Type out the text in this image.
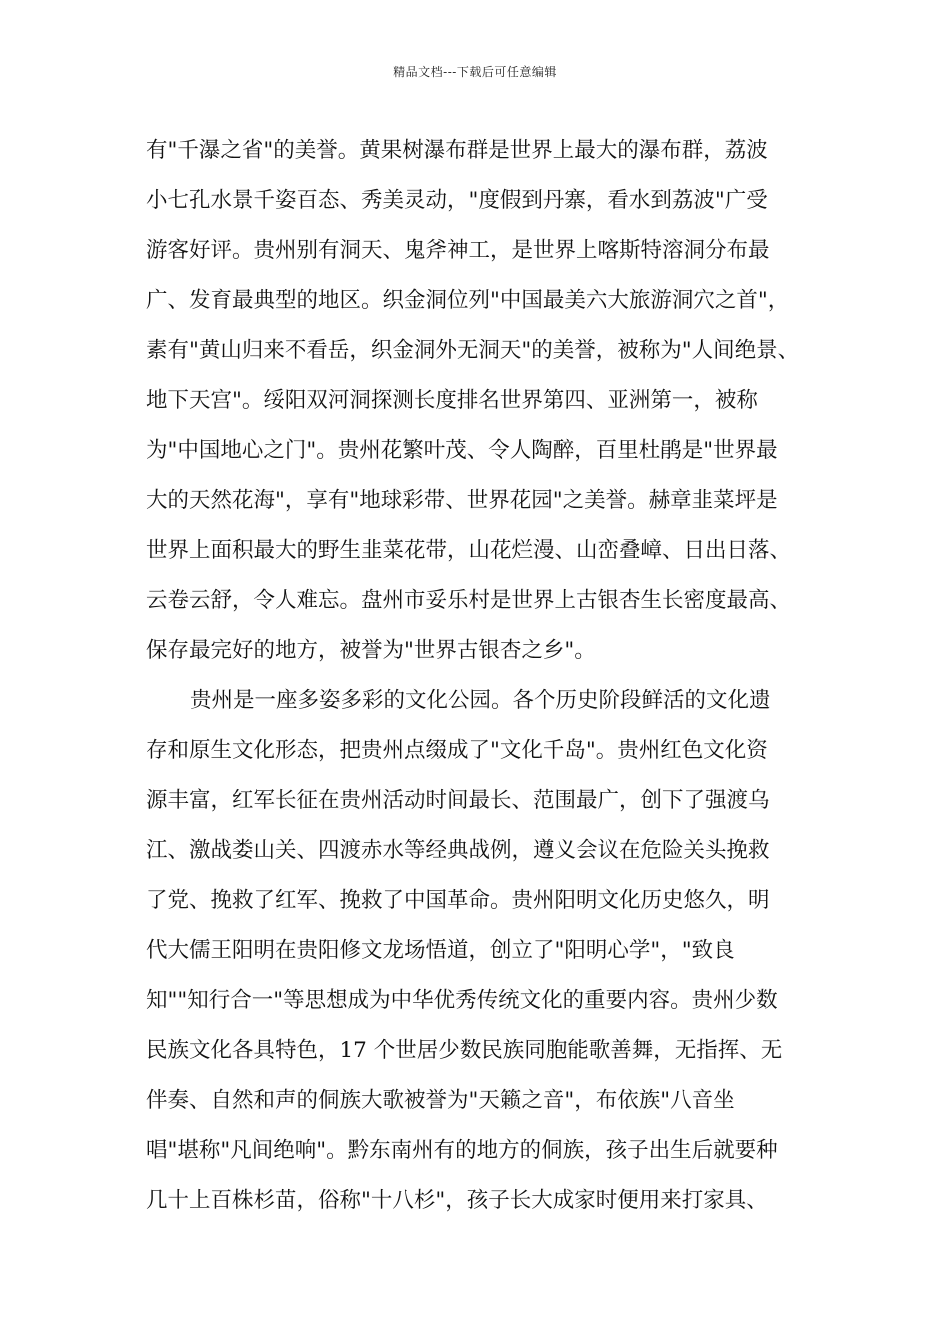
精品文档---下载后可任意编辑
有"千瀑之省"的美誉。黄果树瀑布群是世界上最大的瀑布群，荔波
小七孔水景千姿百态、秀美灵动，"度假到丹寨，看水到荔波"广受
游客好评。贵州别有洞天、鬼斧神工，是世界上喀斯特溶洞分布最
广、发育最典型的地区。织金洞位列"中国最美六大旅游洞穴之首"，
素有"黄山归来不看岳，织金洞外无洞天"的美誉，被称为"人间绝景、
地下天宫"。绥阳双河洞探测长度排名世界第四、亚洲第一，被称
为"中国地心之门"。贵州花繁叶茂、令人陶醉，百里杜鹃是"世界最
大的天然花海"，享有"地球彩带、世界花园"之美誉。赫章韭菜坪是
世界上面积最大的野生韭菜花带，山花烂漫、山峦叠嶂、日出日落、
云卷云舒，令人难忘。盘州市妥乐村是世界上古银杏生长密度最高、
保存最完好的地方，被誉为"世界古银杏之乡"。
贵州是一座多姿多彩的文化公园。各个历史阶段鲜活的文化遗
存和原生文化形态，把贵州点缀成了"文化千岛"。贵州红色文化资
源丰富，红军长征在贵州活动时间最长、范围最广，创下了强渡乌
江、激战娄山关、四渡赤水等经典战例，遵义会议在危险关头挽救
了党、挽救了红军、挽救了中国革命。贵州阳明文化历史悠久，明
代大儒王阳明在贵阳修文龙场悟道，创立了"阳明心学"，"致良
知""知行合一"等思想成为中华优秀传统文化的重要内容。贵州少数
民族文化各具特色，17 个世居少数民族同胞能歌善舞，无指挥、无
伴奏、自然和声的侗族大歌被誉为"天籁之音"，布依族"八音坐
唱"堪称"凡间绝响"。黔东南州有的地方的侗族，孩子出生后就要种
几十上百株杉苗，俗称"十八杉"，孩子长大成家时便用来打家具、
